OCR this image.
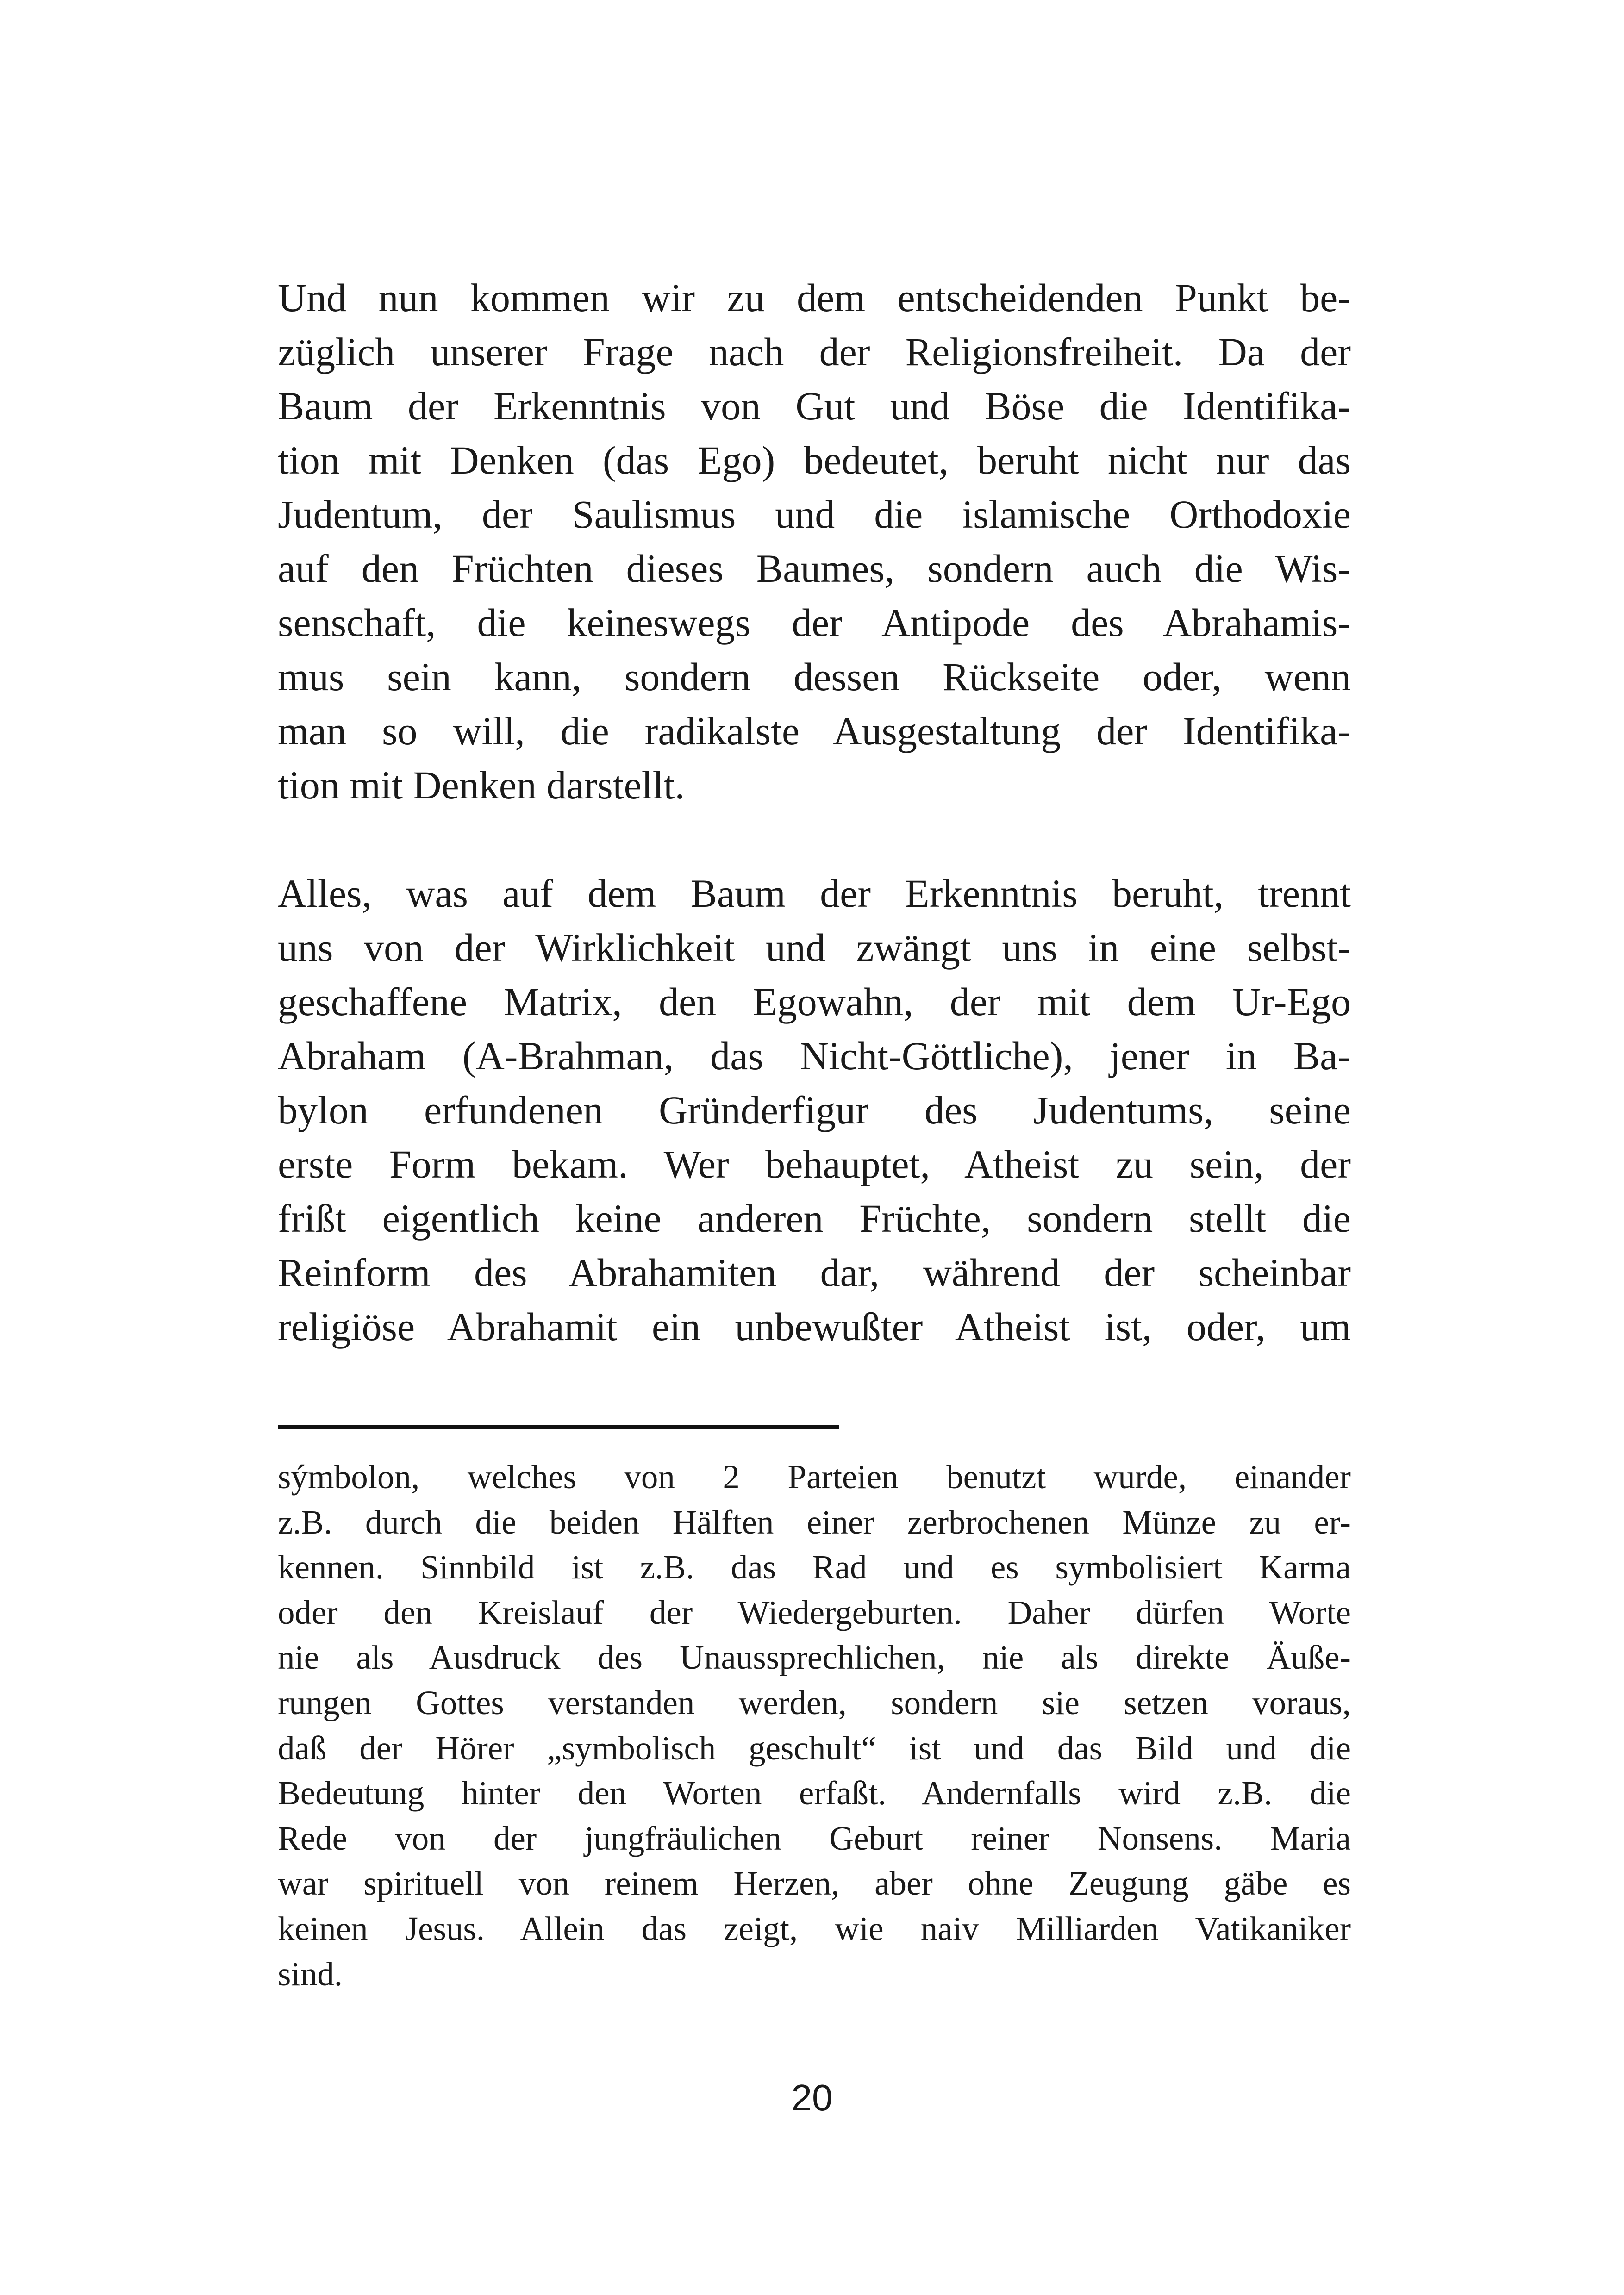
Und nun kommen wir zu dem entscheidenden Punkt be-
züglich unserer Frage nach der Religionsfreiheit. Da der
Baum der Erkenntnis von Gut und Böse die Identifika-
tion mit Denken (das Ego) bedeutet, beruht nicht nur das
Judentum, der Saulismus und die islamische Orthodoxie
auf den Früchten dieses Baumes, sondern auch die Wis-
senschaft, die keineswegs der Antipode des Abrahamis-
mus sein kann, sondern dessen Rückseite oder, wenn
man so will, die radikalste Ausgestaltung der Identifika-
tion mit Denken darstellt.
Alles, was auf dem Baum der Erkenntnis beruht, trennt
uns von der Wirklichkeit und zwängt uns in eine selbst-
geschaffene Matrix, den Egowahn, der mit dem Ur-Ego
Abraham (A-Brahman, das Nicht-Göttliche), jener in Ba-
bylon erfundenen Gründerfigur des Judentums, seine
erste Form bekam. Wer behauptet, Atheist zu sein, der
frißt eigentlich keine anderen Früchte, sondern stellt die
Reinform des Abrahamiten dar, während der scheinbar
religiöse Abrahamit ein unbewußter Atheist ist, oder, um
sýmbolon, welches von 2 Parteien benutzt wurde, einander
z.B. durch die beiden Hälften einer zerbrochenen Münze zu er-
kennen. Sinnbild ist z.B. das Rad und es symbolisiert Karma
oder den Kreislauf der Wiedergeburten. Daher dürfen Worte
nie als Ausdruck des Unaussprechlichen, nie als direkte Äuße-
rungen Gottes verstanden werden, sondern sie setzen voraus,
daß der Hörer „symbolisch geschult“ ist und das Bild und die
Bedeutung hinter den Worten erfaßt. Andernfalls wird z.B. die
Rede von der jungfräulichen Geburt reiner Nonsens. Maria
war spirituell von reinem Herzen, aber ohne Zeugung gäbe es
keinen Jesus. Allein das zeigt, wie naiv Milliarden Vatikaniker
sind.
20
